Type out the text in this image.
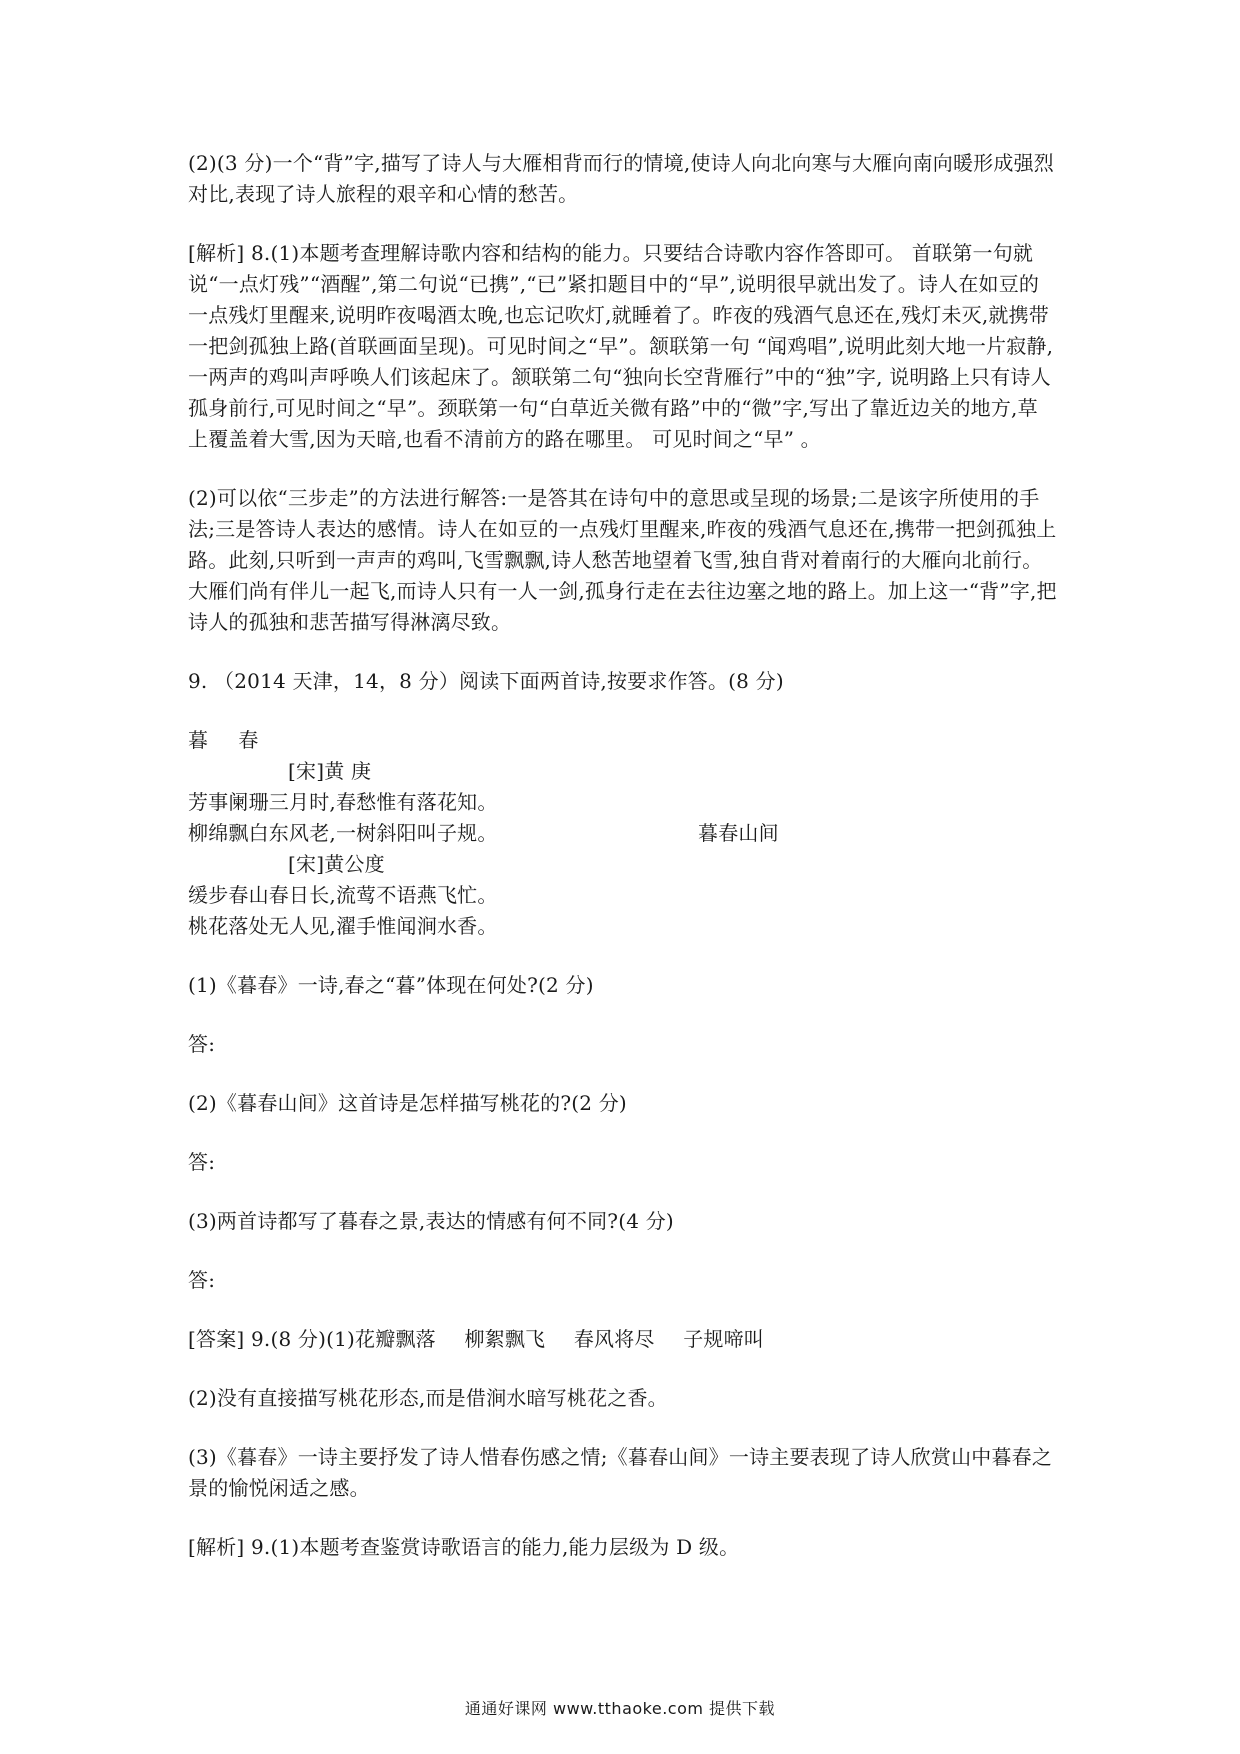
(2)(3 分)一个“背”字,描写了诗人与大雁相背而行的情境,使诗人向北向寒与大雁向南向暖形成强烈对比,表现了诗人旅程的艰辛和心情的愁苦。

[解析] 8.(1)本题考查理解诗歌内容和结构的能力。只要结合诗歌内容作答即可。 首联第一句就说“一点灯残”“酒醒”,第二句说“已携”,“已”紧扣题目中的“早”,说明很早就出发了。诗人在如豆的一点残灯里醒来,说明昨夜喝酒太晚,也忘记吹灯,就睡着了。昨夜的残酒气息还在,残灯未灭,就携带一把剑孤独上路(首联画面呈现)。可见时间之“早”。颔联第一句 “闻鸡唱”,说明此刻大地一片寂静, 一两声的鸡叫声呼唤人们该起床了。颔联第二句“独向长空背雁行”中的“独”字, 说明路上只有诗人孤身前行,可见时间之“早”。颈联第一句“白草近关微有路”中的“微”字,写出了靠近边关的地方,草上覆盖着大雪,因为天暗,也看不清前方的路在哪里。 可见时间之“早” 。

(2)可以依“三步走”的方法进行解答:一是答其在诗句中的意思或呈现的场景;二是该字所使用的手法;三是答诗人表达的感情。诗人在如豆的一点残灯里醒来,昨夜的残酒气息还在,携带一把剑孤独上路。此刻,只听到一声声的鸡叫,飞雪飘飘,诗人愁苦地望着飞雪,独自背对着南行的大雁向北前行。大雁们尚有伴儿一起飞,而诗人只有一人一剑,孤身行走在去往边塞之地的路上。加上这一“背”字,把诗人的孤独和悲苦描写得淋漓尽致。

9. （2014 天津，14，8 分）阅读下面两首诗,按要求作答。(8 分)

暮 春

[宋]黄 庚

芳事阑珊三月时,春愁惟有落花知。

柳绵飘白东风老,一树斜阳叫子规。	暮春山间

[宋]黄公度

缓步春山春日长,流莺不语燕飞忙。

桃花落处无人见,濯手惟闻涧水香。

(1)《暮春》一诗,春之“暮”体现在何处?(2 分)

答:

(2)《暮春山间》这首诗是怎样描写桃花的?(2 分)

答:

(3)两首诗都写了暮春之景,表达的情感有何不同?(4 分)

答:

[答案] 9.(8 分)(1)花瓣飘落 柳絮飘飞 春风将尽 子规啼叫

(2)没有直接描写桃花形态,而是借涧水暗写桃花之香。

(3)《暮春》一诗主要抒发了诗人惜春伤感之情;《暮春山间》一诗主要表现了诗人欣赏山中暮春之景的愉悦闲适之感。

[解析] 9.(1)本题考查鉴赏诗歌语言的能力,能力层级为 D 级。

通通好课网 www.tthaoke.com 提供下载
